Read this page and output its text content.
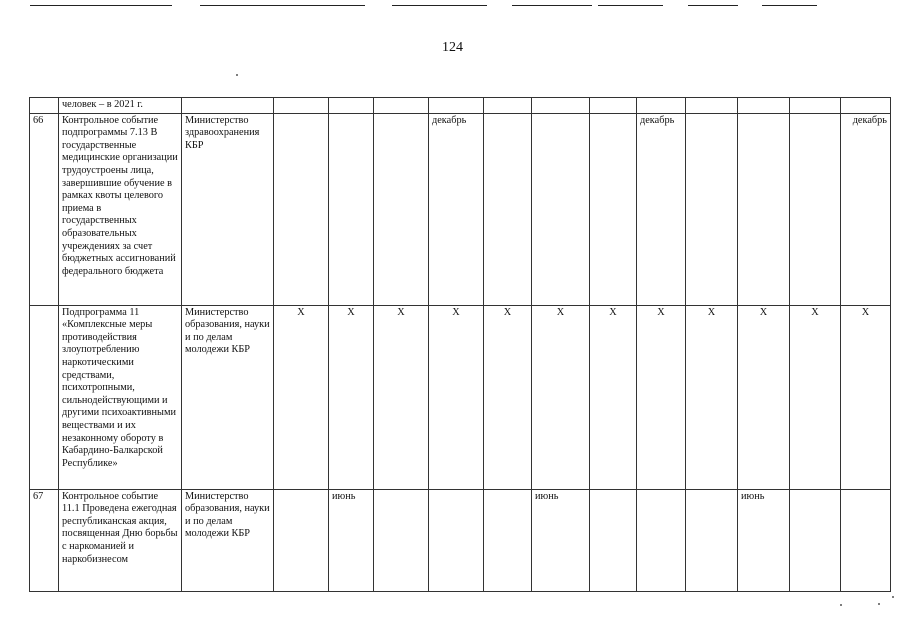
124
	человек – в 2021 г.													
66	Контрольное событие подпрограммы 7.13 В государственные медицинские организации трудоустроены лица, завершившие обучение в рамках квоты целевого приема в государственных образовательных учреждениях за счет бюджетных ассигнований федерального бюджета	Министерство здравоохранения КБР				декабрь				декабрь				декабрь
	Подпрограмма 11 «Комплексные меры противодействия злоупотреблению наркотическими средствами, психотропными, сильнодействующими и другими психоактивными веществами и их незаконному обороту в Кабардино-Балкарской Республике»	Министерство образования, науки и по делам молодежи КБР	X	X	X	X	X	X	X	X	X	X	X	X
67	Контрольное событие 11.1 Проведена ежегодная республиканская акция, посвященная Дню борьбы с наркоманией и наркобизнесом	Министерство образования, науки и по делам молодежи КБР		июнь				июнь				июнь		
